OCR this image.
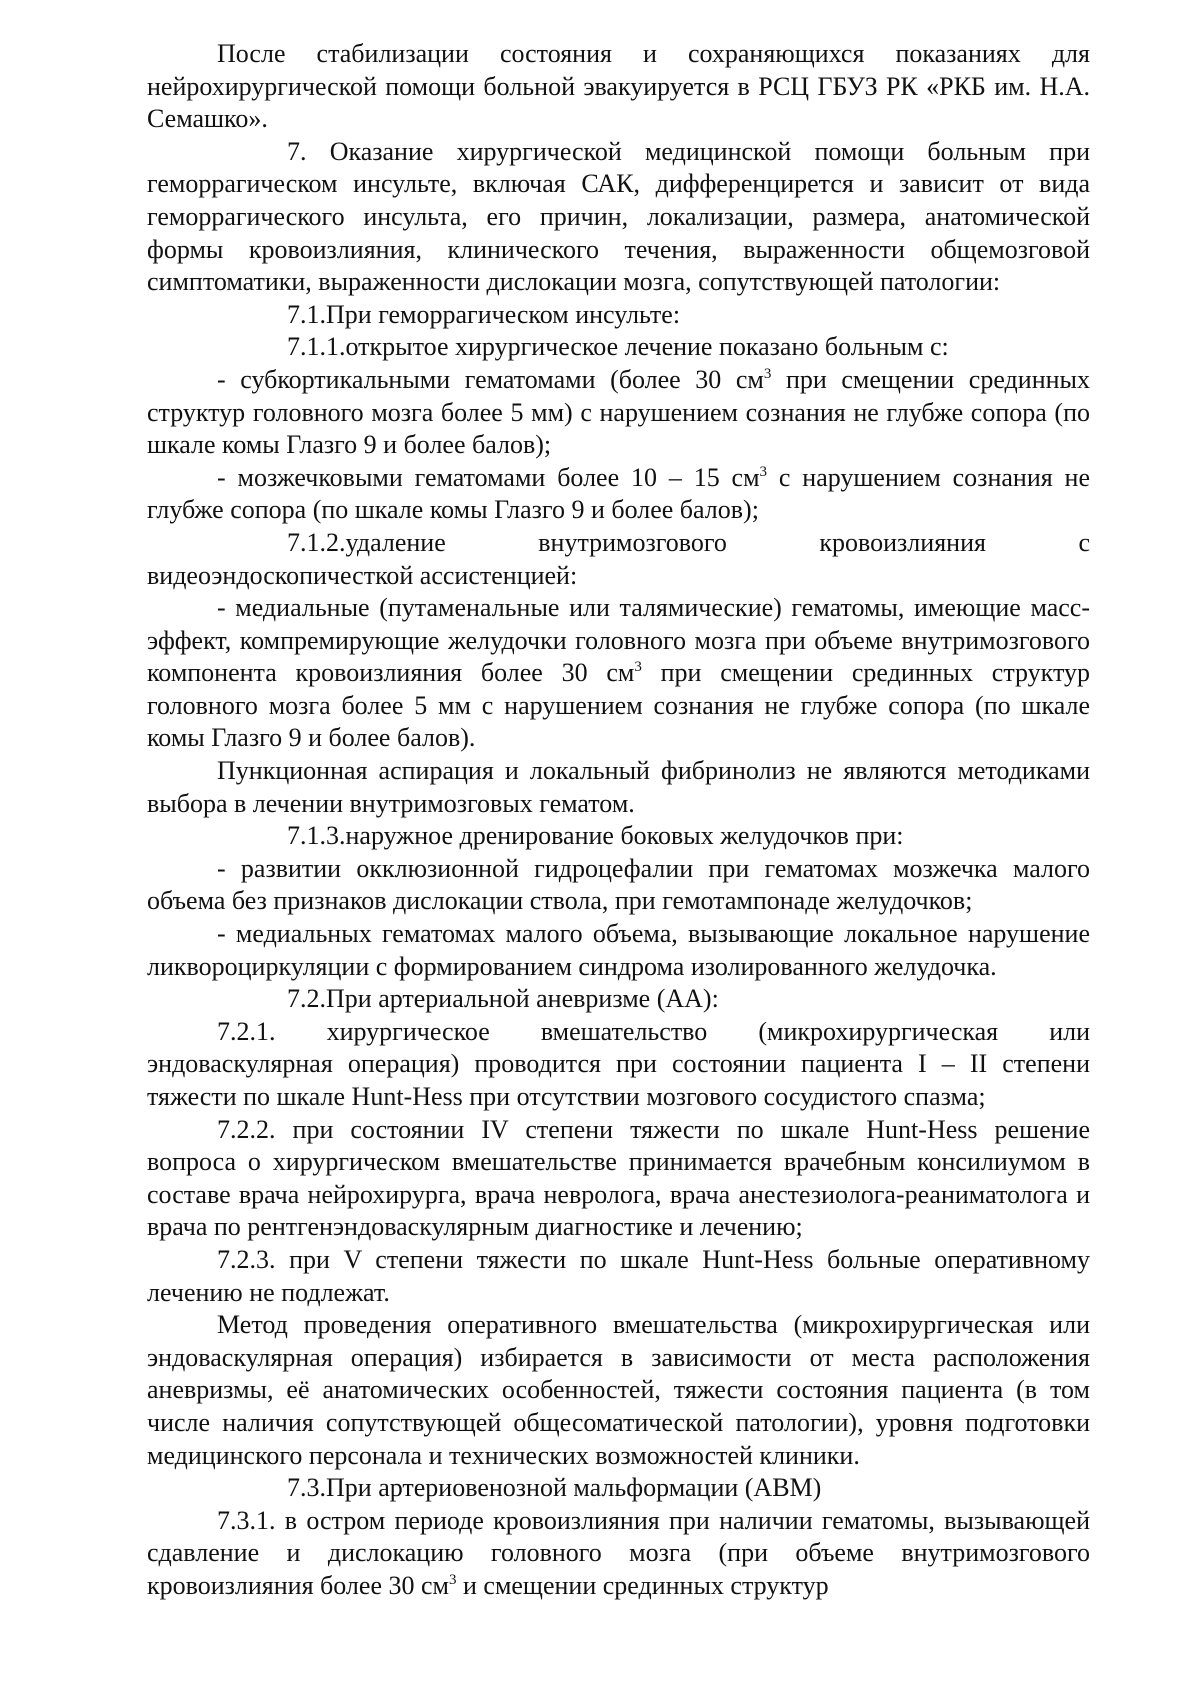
После стабилизации состояния и сохраняющихся показаниях для нейрохирургической помощи больной эвакуируется в РСЦ ГБУЗ РК «РКБ им. Н.А. Семашко».

7. Оказание хирургической медицинской помощи больным при геморрагическом инсульте, включая САК, дифференцирется и зависит от вида геморрагического инсульта, его причин, локализации, размера, анатомической формы кровоизлияния, клинического течения, выраженности общемозговой симптоматики, выраженности дислокации мозга, сопутствующей патологии:

7.1.При геморрагическом инсульте:

7.1.1.открытое хирургическое лечение показано больным с:

- субкортикальными гематомами (более 30 $см^3$ при смещении срединных структур головного мозга более 5 мм) с нарушением сознания не глубже сопора (по шкале комы Глазго 9 и более балов);

- мозжечковыми гематомами более 10 – 15 $см^3$ с нарушением сознания не глубже сопора (по шкале комы Глазго 9 и более балов);

7.1.2.удаление внутримозгового кровоизлияния с видеоэндоскопичесткой ассистенцией:

- медиальные (путаменальные или талямические) гематомы, имеющие масс-эффект, компремирующие желудочки головного мозга при объеме внутримозгового компонента кровоизлияния более 30 $см^3$ при смещении срединных структур головного мозга более 5 мм с нарушением сознания не глубже сопора (по шкале комы Глазго 9 и более балов).

Пункционная аспирация и локальный фибринолиз не являются методиками выбора в лечении внутримозговых гематом.

7.1.3.наружное дренирование боковых желудочков при:

- развитии окклюзионной гидроцефалии при гематомах мозжечка малого объема без признаков дислокации ствола, при гемотампонаде желудочков;

- медиальных гематомах малого объема, вызывающие локальное нарушение ликвороциркуляции с формированием синдрома изолированного желудочка.

7.2.При артериальной аневризме (АА):

7.2.1. хирургическое вмешательство (микрохирургическая или эндоваскулярная операция) проводится при состоянии пациента I – II степени тяжести по шкале Hunt-Hess при отсутствии мозгового сосудистого спазма;

7.2.2. при состоянии IV степени тяжести по шкале Hunt-Hess решение вопроса о хирургическом вмешательстве принимается врачебным консилиумом в составе врача нейрохирурга, врача невролога, врача анестезиолога-реаниматолога и врача по рентгенэндоваскулярным диагностике и лечению;

7.2.3. при V степени тяжести по шкале Hunt-Hess больные оперативному лечению не подлежат.

Метод проведения оперативного вмешательства (микрохирургическая или эндоваскулярная операция) избирается в зависимости от места расположения аневризмы, её анатомических особенностей, тяжести состояния пациента (в том числе наличия сопутствующей общесоматической патологии), уровня подготовки медицинского персонала и технических возможностей клиники.

7.3.При артериовенозной мальформации (АВМ)

7.3.1. в остром периоде кровоизлияния при наличии гематомы, вызывающей сдавление и дислокацию головного мозга (при объеме внутримозгового кровоизлияния более 30 $см^3$ и смещении срединных структур
